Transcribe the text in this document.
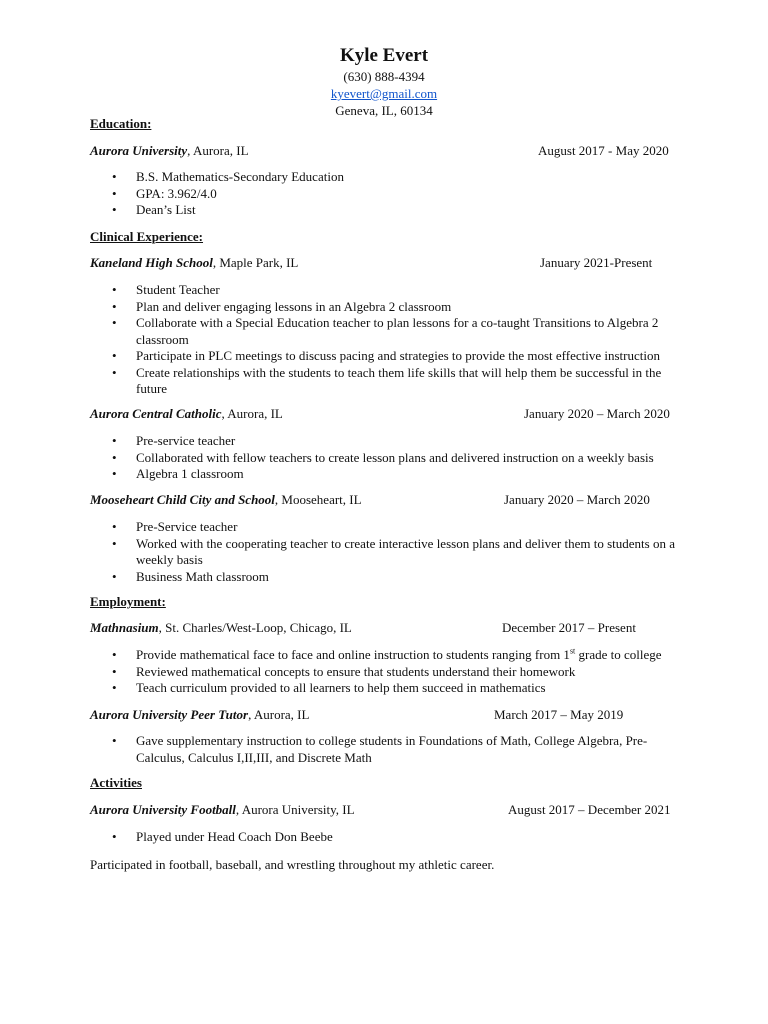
Kyle Evert
(630) 888-4394
kyevert@gmail.com
Geneva, IL, 60134
Education:
Aurora University, Aurora, IL	August 2017 - May 2020
• B.S. Mathematics-Secondary Education
• GPA: 3.962/4.0
• Dean’s List
Clinical Experience:
Kaneland High School, Maple Park, IL	January 2021-Present
• Student Teacher
• Plan and deliver engaging lessons in an Algebra 2 classroom
• Collaborate with a Special Education teacher to plan lessons for a co-taught Transitions to Algebra 2 classroom
• Participate in PLC meetings to discuss pacing and strategies to provide the most effective instruction
• Create relationships with the students to teach them life skills that will help them be successful in the future
Aurora Central Catholic, Aurora, IL	January 2020 – March 2020
• Pre-service teacher
• Collaborated with fellow teachers to create lesson plans and delivered instruction on a weekly basis
• Algebra 1 classroom
Mooseheart Child City and School, Mooseheart, IL	January 2020 – March 2020
• Pre-Service teacher
• Worked with the cooperating teacher to create interactive lesson plans and deliver them to students on a weekly basis
• Business Math classroom
Employment:
Mathnasium, St. Charles/West-Loop, Chicago, IL	December 2017 – Present
• Provide mathematical face to face and online instruction to students ranging from 1st grade to college
• Reviewed mathematical concepts to ensure that students understand their homework
• Teach curriculum provided to all learners to help them succeed in mathematics
Aurora University Peer Tutor, Aurora, IL	March 2017 – May 2019
• Gave supplementary instruction to college students in Foundations of Math, College Algebra, Pre-Calculus, Calculus I,II,III, and Discrete Math
Activities
Aurora University Football, Aurora University, IL	August 2017 – December 2021
• Played under Head Coach Don Beebe
Participated in football, baseball, and wrestling throughout my athletic career.
